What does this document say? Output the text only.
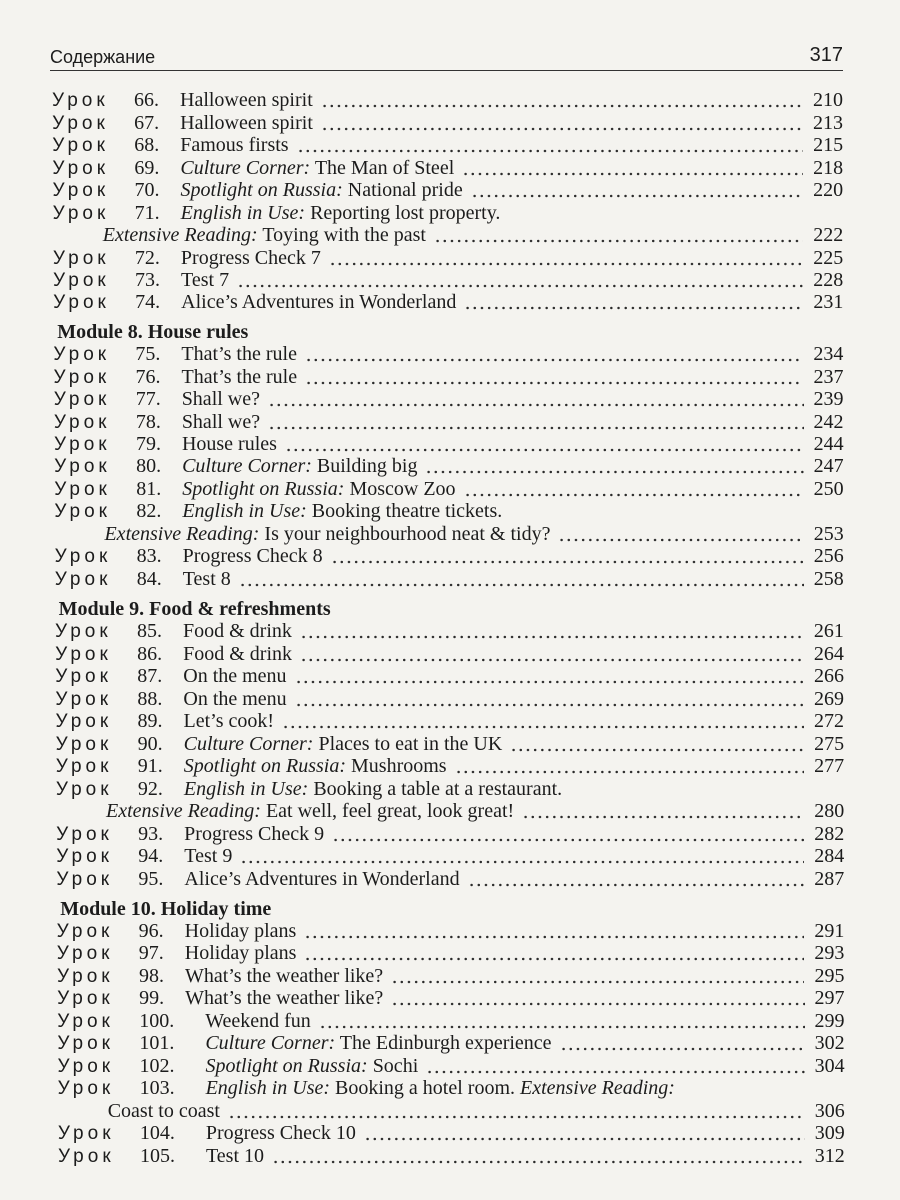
Содержание	317
Урок 66. Halloween spirit	210
Урок 67. Halloween spirit	213
Урок 68. Famous firsts	215
Урок 69. Culture Corner: The Man of Steel	218
Урок 70. Spotlight on Russia: National pride	220
Урок 71. English in Use: Reporting lost property.
Extensive Reading: Toying with the past	222
Урок 72. Progress Check 7	225
Урок 73. Test 7	228
Урок 74. Alice’s Adventures in Wonderland	231
Module 8. House rules
Урок 75. That’s the rule	234
Урок 76. That’s the rule	237
Урок 77. Shall we?	239
Урок 78. Shall we?	242
Урок 79. House rules	244
Урок 80. Culture Corner: Building big	247
Урок 81. Spotlight on Russia: Moscow Zoo	250
Урок 82. English in Use: Booking theatre tickets.
Extensive Reading: Is your neighbourhood neat & tidy?	253
Урок 83. Progress Check 8	256
Урок 84. Test 8	258
Module 9. Food & refreshments
Урок 85. Food & drink	261
Урок 86. Food & drink	264
Урок 87. On the menu	266
Урок 88. On the menu	269
Урок 89. Let’s cook!	272
Урок 90. Culture Corner: Places to eat in the UK	275
Урок 91. Spotlight on Russia: Mushrooms	277
Урок 92. English in Use: Booking a table at a restaurant.
Extensive Reading: Eat well, feel great, look great!	280
Урок 93. Progress Check 9	282
Урок 94. Test 9	284
Урок 95. Alice’s Adventures in Wonderland	287
Module 10. Holiday time
Урок 96. Holiday plans	291
Урок 97. Holiday plans	293
Урок 98. What’s the weather like?	295
Урок 99. What’s the weather like?	297
Урок 100. Weekend fun	299
Урок 101. Culture Corner: The Edinburgh experience	302
Урок 102. Spotlight on Russia: Sochi	304
Урок 103. English in Use: Booking a hotel room. Extensive Reading:
Coast to coast	306
Урок 104. Progress Check 10	309
Урок 105. Test 10	312
